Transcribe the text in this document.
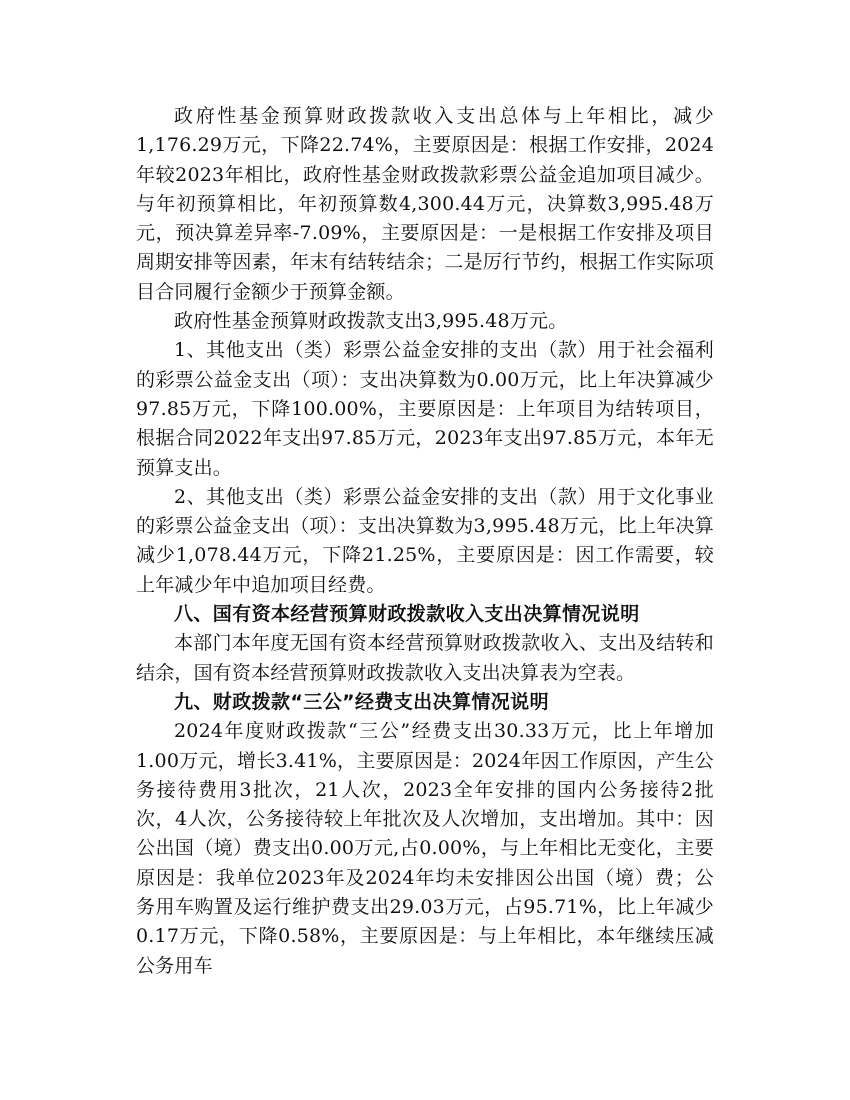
政府性基金预算财政拨款收入支出总体与上年相比，减少1,176.29万元，下降22.74%，主要原因是：根据工作安排，2024年较2023年相比，政府性基金财政拨款彩票公益金追加项目减少。与年初预算相比，年初预算数4,300.44万元，决算数3,995.48万元，预决算差异率-7.09%，主要原因是：一是根据工作安排及项目周期安排等因素，年末有结转结余；二是厉行节约，根据工作实际项目合同履行金额少于预算金额。

政府性基金预算财政拨款支出3,995.48万元。

1、其他支出（类）彩票公益金安排的支出（款）用于社会福利的彩票公益金支出（项）：支出决算数为0.00万元，比上年决算减少97.85万元，下降100.00%，主要原因是：上年项目为结转项目，根据合同2022年支出97.85万元，2023年支出97.85万元，本年无预算支出。

2、其他支出（类）彩票公益金安排的支出（款）用于文化事业的彩票公益金支出（项）：支出决算数为3,995.48万元，比上年决算减少1,078.44万元，下降21.25%，主要原因是：因工作需要，较上年减少年中追加项目经费。

八、国有资本经营预算财政拨款收入支出决算情况说明

本部门本年度无国有资本经营预算财政拨款收入、支出及结转和结余，国有资本经营预算财政拨款收入支出决算表为空表。

九、财政拨款“三公”经费支出决算情况说明

2024年度财政拨款“三公”经费支出30.33万元，比上年增加1.00万元，增长3.41%，主要原因是：2024年因工作原因，产生公务接待费用3批次，21人次，2023全年安排的国内公务接待2批次，4人次，公务接待较上年批次及人次增加，支出增加。其中：因公出国（境）费支出0.00万元,占0.00%，与上年相比无变化，主要原因是：我单位2023年及2024年均未安排因公出国（境）费；公务用车购置及运行维护费支出29.03万元，占95.71%，比上年减少0.17万元，下降0.58%，主要原因是：与上年相比，本年继续压减公务用车
